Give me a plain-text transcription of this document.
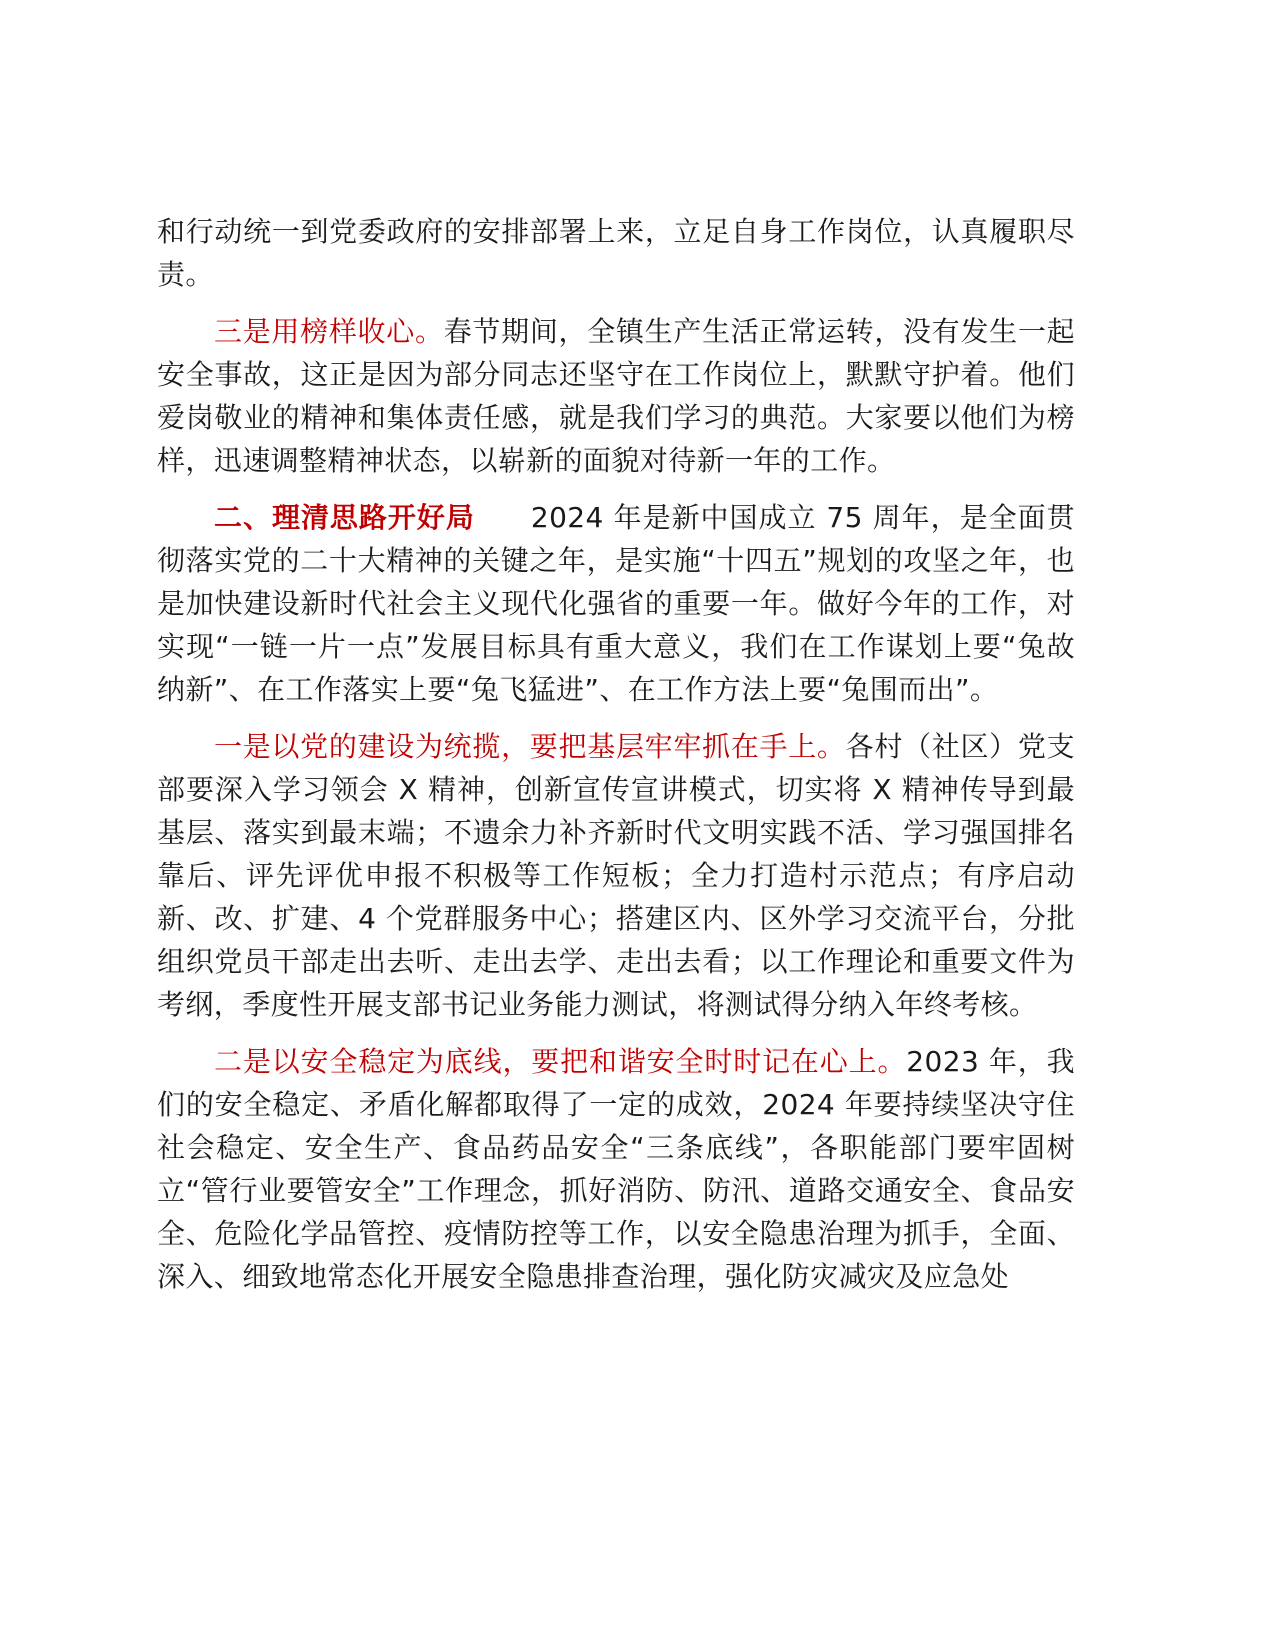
和行动统一到党委政府的安排部署上来，立足自身工作岗位，认真履职尽责。

三是用榜样收心。春节期间，全镇生产生活正常运转，没有发生一起安全事故，这正是因为部分同志还坚守在工作岗位上，默默守护着。他们爱岗敬业的精神和集体责任感，就是我们学习的典范。大家要以他们为榜样，迅速调整精神状态，以崭新的面貌对待新一年的工作。

二、理清思路开好局 2024 年是新中国成立 75 周年，是全面贯彻落实党的二十大精神的关键之年，是实施“十四五”规划的攻坚之年，也是加快建设新时代社会主义现代化强省的重要一年。做好今年的工作，对实现“一链一片一点”发展目标具有重大意义，我们在工作谋划上要“兔故纳新”、在工作落实上要“兔飞猛进”、在工作方法上要“兔围而出”。

一是以党的建设为统揽，要把基层牢牢抓在手上。各村（社区）党支部要深入学习领会 X 精神，创新宣传宣讲模式，切实将 X 精神传导到最基层、落实到最末端；不遗余力补齐新时代文明实践不活、学习强国排名靠后、评先评优申报不积极等工作短板；全力打造村示范点；有序启动新、改、扩建、4 个党群服务中心；搭建区内、区外学习交流平台，分批组织党员干部走出去听、走出去学、走出去看；以工作理论和重要文件为考纲，季度性开展支部书记业务能力测试，将测试得分纳入年终考核。

二是以安全稳定为底线，要把和谐安全时时记在心上。2023 年，我们的安全稳定、矛盾化解都取得了一定的成效，2024 年要持续坚决守住社会稳定、安全生产、食品药品安全“三条底线”，各职能部门要牢固树立“管行业要管安全”工作理念，抓好消防、防汛、道路交通安全、食品安全、危险化学品管控、疫情防控等工作，以安全隐患治理为抓手，全面、深入、细致地常态化开展安全隐患排查治理，强化防灾减灾及应急处
